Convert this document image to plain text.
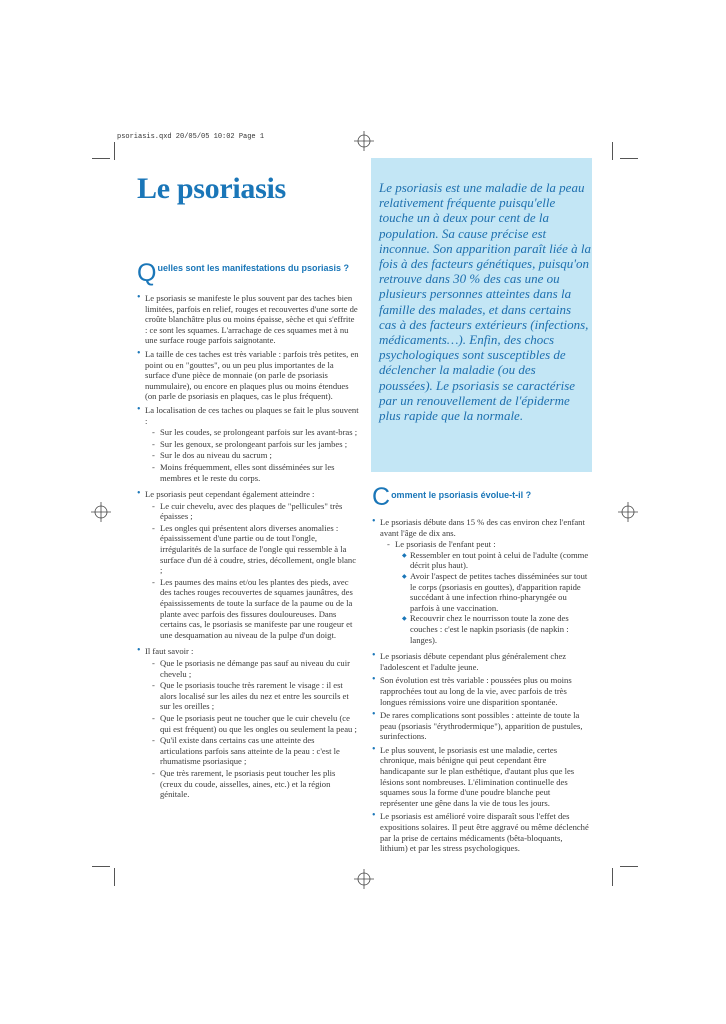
psoriasis.qxd 20/05/05 10:02 Page 1
Le psoriasis	Le psoriasis est une maladie de la peau relativement fréquente puisqu'elle touche un à deux pour cent de la population. Sa cause précise est inconnue. Son apparition paraît liée à la fois à des facteurs génétiques, puisqu'on retrouve dans 30 % des cas une ou plusieurs personnes atteintes dans la famille des malades, et dans certains cas à des facteurs extérieurs (infections, médicaments…). Enfin, des chocs psychologiques sont susceptibles de déclencher la maladie (ou des poussées). Le psoriasis se caractérise par un renouvellement de l'épiderme plus rapide que la normale.
Q uelles sont les manifestations du psoriasis ?
• Le psoriasis se manifeste le plus souvent par des taches bien limitées, parfois en relief, rouges et recouvertes d'une sorte de croûte blanchâtre plus ou moins épaisse, sèche et qui s'effrite : ce sont les squames. L'arrachage de ces squames met à nu une surface rouge parfois saignotante.
• La taille de ces taches est très variable : parfois très petites, en point ou en "gouttes", ou un peu plus importantes de la surface d'une pièce de monnaie (on parle de psoriasis nummulaire), ou encore en plaques plus ou moins étendues (on parle de psoriasis en plaques, cas le plus fréquent).
• La localisation de ces taches ou plaques se fait le plus souvent :
- Sur les coudes, se prolongeant parfois sur les avant-bras ;
- Sur les genoux, se prolongeant parfois sur les jambes ;
- Sur le dos au niveau du sacrum ;
- Moins fréquemment, elles sont disséminées sur les membres et le reste du corps.
• Le psoriasis peut cependant également atteindre :
- Le cuir chevelu, avec des plaques de "pellicules" très épaisses ;
- Les ongles qui présentent alors diverses anomalies : épaississement d'une partie ou de tout l'ongle, irrégularités de la surface de l'ongle qui ressemble à la surface d'un dé à coudre, stries, décollement, ongle blanc ;
- Les paumes des mains et/ou les plantes des pieds, avec des taches rouges recouvertes de squames jaunâtres, des épaississements de toute la surface de la paume ou de la plante avec parfois des fissures douloureuses. Dans certains cas, le psoriasis se manifeste par une rougeur et une desquamation au niveau de la pulpe d'un doigt.
• Il faut savoir :
- Que le psoriasis ne démange pas sauf au niveau du cuir chevelu ;
- Que le psoriasis touche très rarement le visage : il est alors localisé sur les ailes du nez et entre les sourcils et sur les oreilles ;
- Que le psoriasis peut ne toucher que le cuir chevelu (ce qui est fréquent) ou que les ongles ou seulement la peau ;
- Qu'il existe dans certains cas une atteinte des articulations parfois sans atteinte de la peau : c'est le rhumatisme psoriasique ;
- Que très rarement, le psoriasis peut toucher les plis (creux du coude, aisselles, aines, etc.) et la région génitale.
C omment le psoriasis évolue-t-il ?
• Le psoriasis débute dans 15 % des cas environ chez l'enfant avant l'âge de dix ans.
- Le psoriasis de l'enfant peut :
◆ Ressembler en tout point à celui de l'adulte (comme décrit plus haut).
◆ Avoir l'aspect de petites taches disséminées sur tout le corps (psoriasis en gouttes), d'apparition rapide succédant à une infection rhino-pharyngée ou parfois à une vaccination.
◆ Recouvrir chez le nourrisson toute la zone des couches : c'est le napkin psoriasis (de napkin : langes).
• Le psoriasis débute cependant plus généralement chez l'adolescent et l'adulte jeune.
• Son évolution est très variable : poussées plus ou moins rapprochées tout au long de la vie, avec parfois de très longues rémissions voire une disparition spontanée.
• De rares complications sont possibles : atteinte de toute la peau (psoriasis "érythrodermique"), apparition de pustules, surinfections.
• Le plus souvent, le psoriasis est une maladie, certes chronique, mais bénigne qui peut cependant être handicapante sur le plan esthétique, d'autant plus que les lésions sont nombreuses. L'élimination continuelle des squames sous la forme d'une poudre blanche peut représenter une gêne dans la vie de tous les jours.
• Le psoriasis est amélioré voire disparaît sous l'effet des expositions solaires. Il peut être aggravé ou même déclenché par la prise de certains médicaments (bêta-bloquants, lithium) et par les stress psychologiques.
